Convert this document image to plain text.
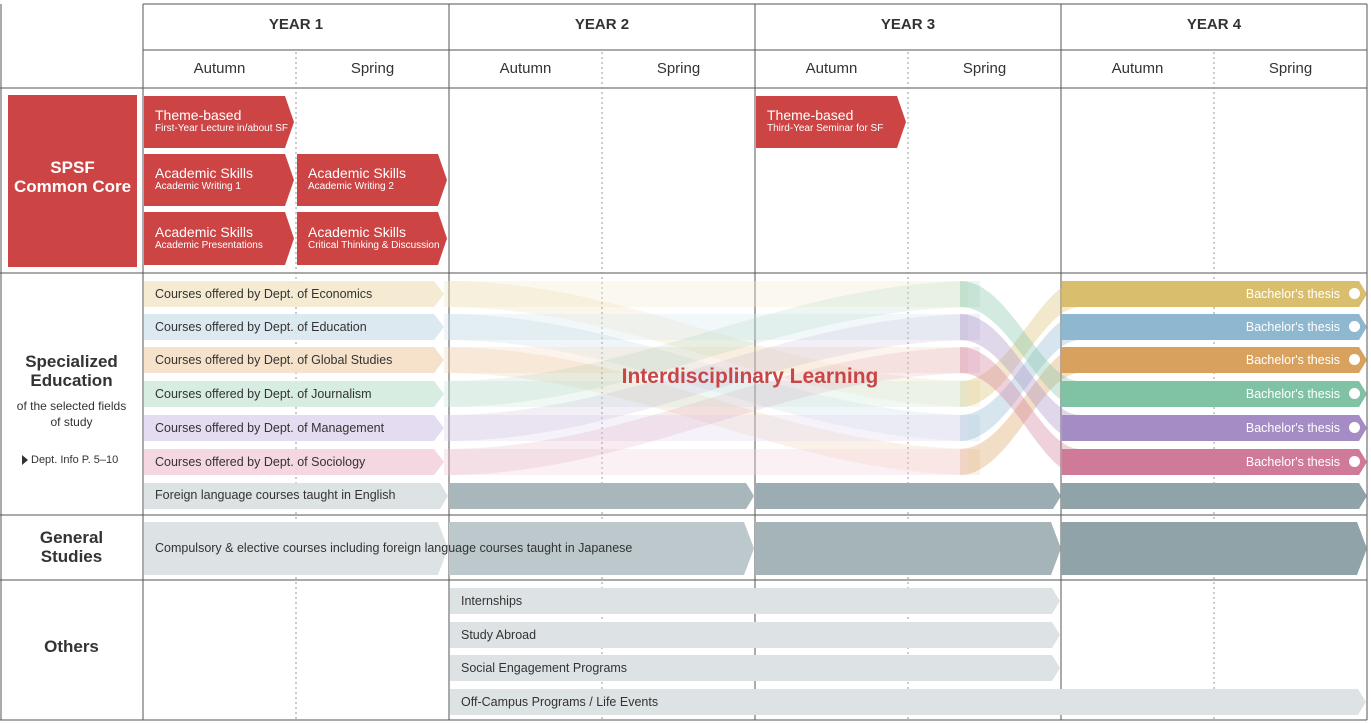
YEAR 1	YEAR 2	YEAR 3	YEAR 4
Autumn	Spring	Autumn	Spring	Autumn	Spring	Autumn	Spring
SPSF
Common Core
Specialized Education
of the selected fields of study
Dept. Info P. 5–10
General Studies
Others
Theme-based
First-Year Lecture in/about SF
Academic Skills
Academic Writing 1
Academic Skills
Academic Writing 2
Academic Skills
Academic Presentations
Academic Skills
Critical Thinking & Discussion
Theme-based
Third-Year Seminar for SF
Courses offered by Dept. of Economics
Courses offered by Dept. of Education
Courses offered by Dept. of Global Studies
Courses offered by Dept. of Journalism
Courses offered by Dept. of Management
Courses offered by Dept. of Sociology
Foreign language courses taught in English
Bachelor's thesis
Bachelor's thesis
Bachelor's thesis
Bachelor's thesis
Bachelor's thesis
Bachelor's thesis
Interdisciplinary Learning
Compulsory & elective courses including foreign language courses taught in Japanese
Internships
Study Abroad
Social Engagement Programs
Off-Campus Programs / Life Events
